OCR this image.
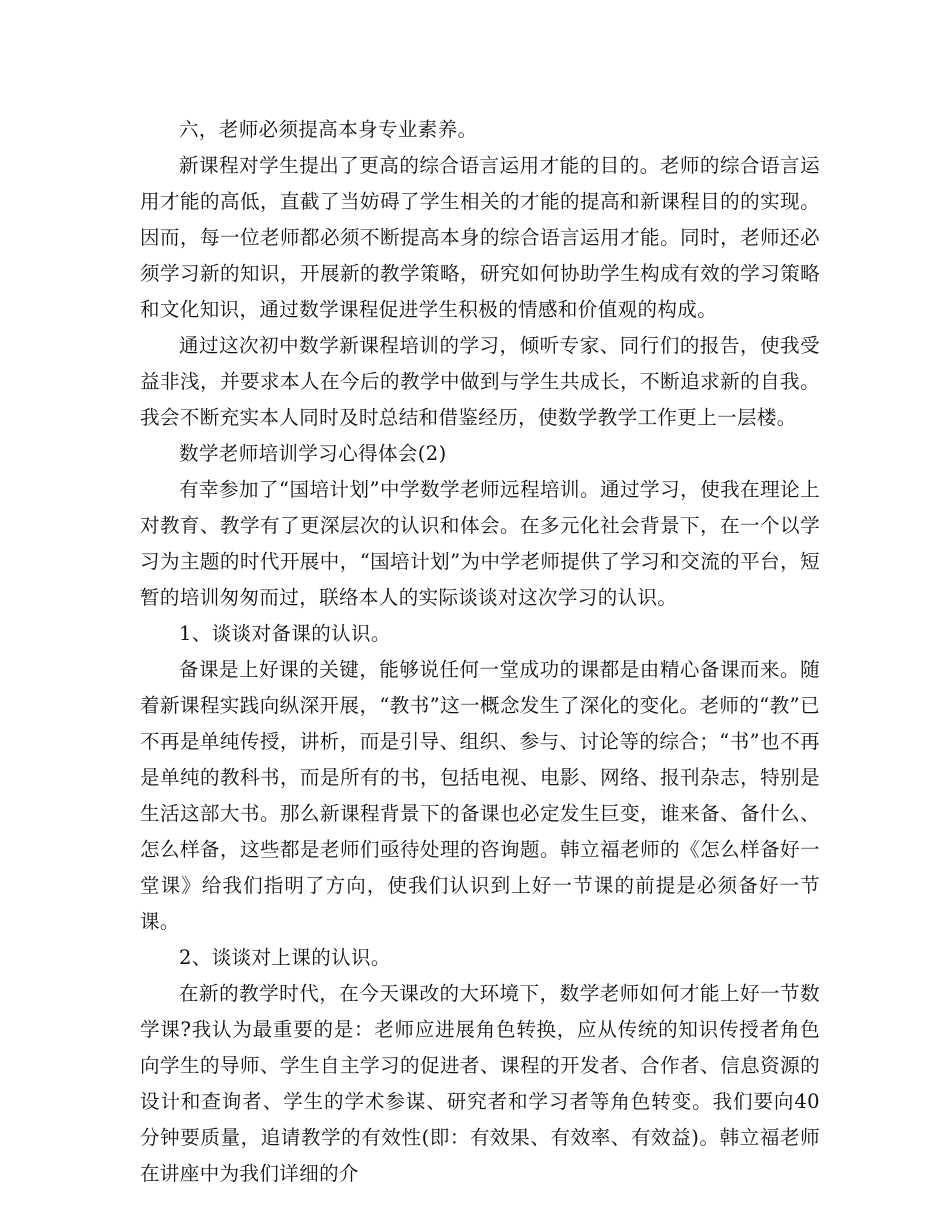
六，老师必须提高本身专业素养。

新课程对学生提出了更高的综合语言运用才能的目的。老师的综合语言运用才能的高低，直截了当妨碍了学生相关的才能的提高和新课程目的的实现。因而，每一位老师都必须不断提高本身的综合语言运用才能。同时，老师还必须学习新的知识，开展新的教学策略，研究如何协助学生构成有效的学习策略和文化知识，通过数学课程促进学生积极的情感和价值观的构成。

通过这次初中数学新课程培训的学习，倾听专家、同行们的报告，使我受益非浅，并要求本人在今后的教学中做到与学生共成长，不断追求新的自我。 我会不断充实本人同时及时总结和借鉴经历，使数学教学工作更上一层楼。

数学老师培训学习心得体会(2)

有幸参加了“国培计划”中学数学老师远程培训。通过学习，使我在理论上对教育、教学有了更深层次的认识和体会。在多元化社会背景下，在一个以学习为主题的时代开展中，“国培计划”为中学老师提供了学习和交流的平台，短暂的培训匆匆而过，联络本人的实际谈谈对这次学习的认识。

1、谈谈对备课的认识。

备课是上好课的关键，能够说任何一堂成功的课都是由精心备课而来。随着新课程实践向纵深开展，“教书”这一概念发生了深化的变化。老师的“教”已不再是单纯传授，讲析，而是引导、组织、参与、讨论等的综合；“书”也不再是单纯的教科书，而是所有的书，包括电视、电影、网络、报刊杂志，特别是生活这部大书。那么新课程背景下的备课也必定发生巨变，谁来备、备什么、怎么样备，这些都是老师们亟待处理的咨询题。韩立福老师的《怎么样备好一堂课》给我们指明了方向，使我们认识到上好一节课的前提是必须备好一节课。

2、谈谈对上课的认识。

在新的教学时代，在今天课改的大环境下，数学老师如何才能上好一节数学课?我认为最重要的是：老师应进展角色转换，应从传统的知识传授者角色向学生的导师、学生自主学习的促进者、课程的开发者、合作者、信息资源的设计和查询者、学生的学术参谋、研究者和学习者等角色转变。我们要向40分钟要质量，追请教学的有效性(即：有效果、有效率、有效益)。韩立福老师在讲座中为我们详细的介
